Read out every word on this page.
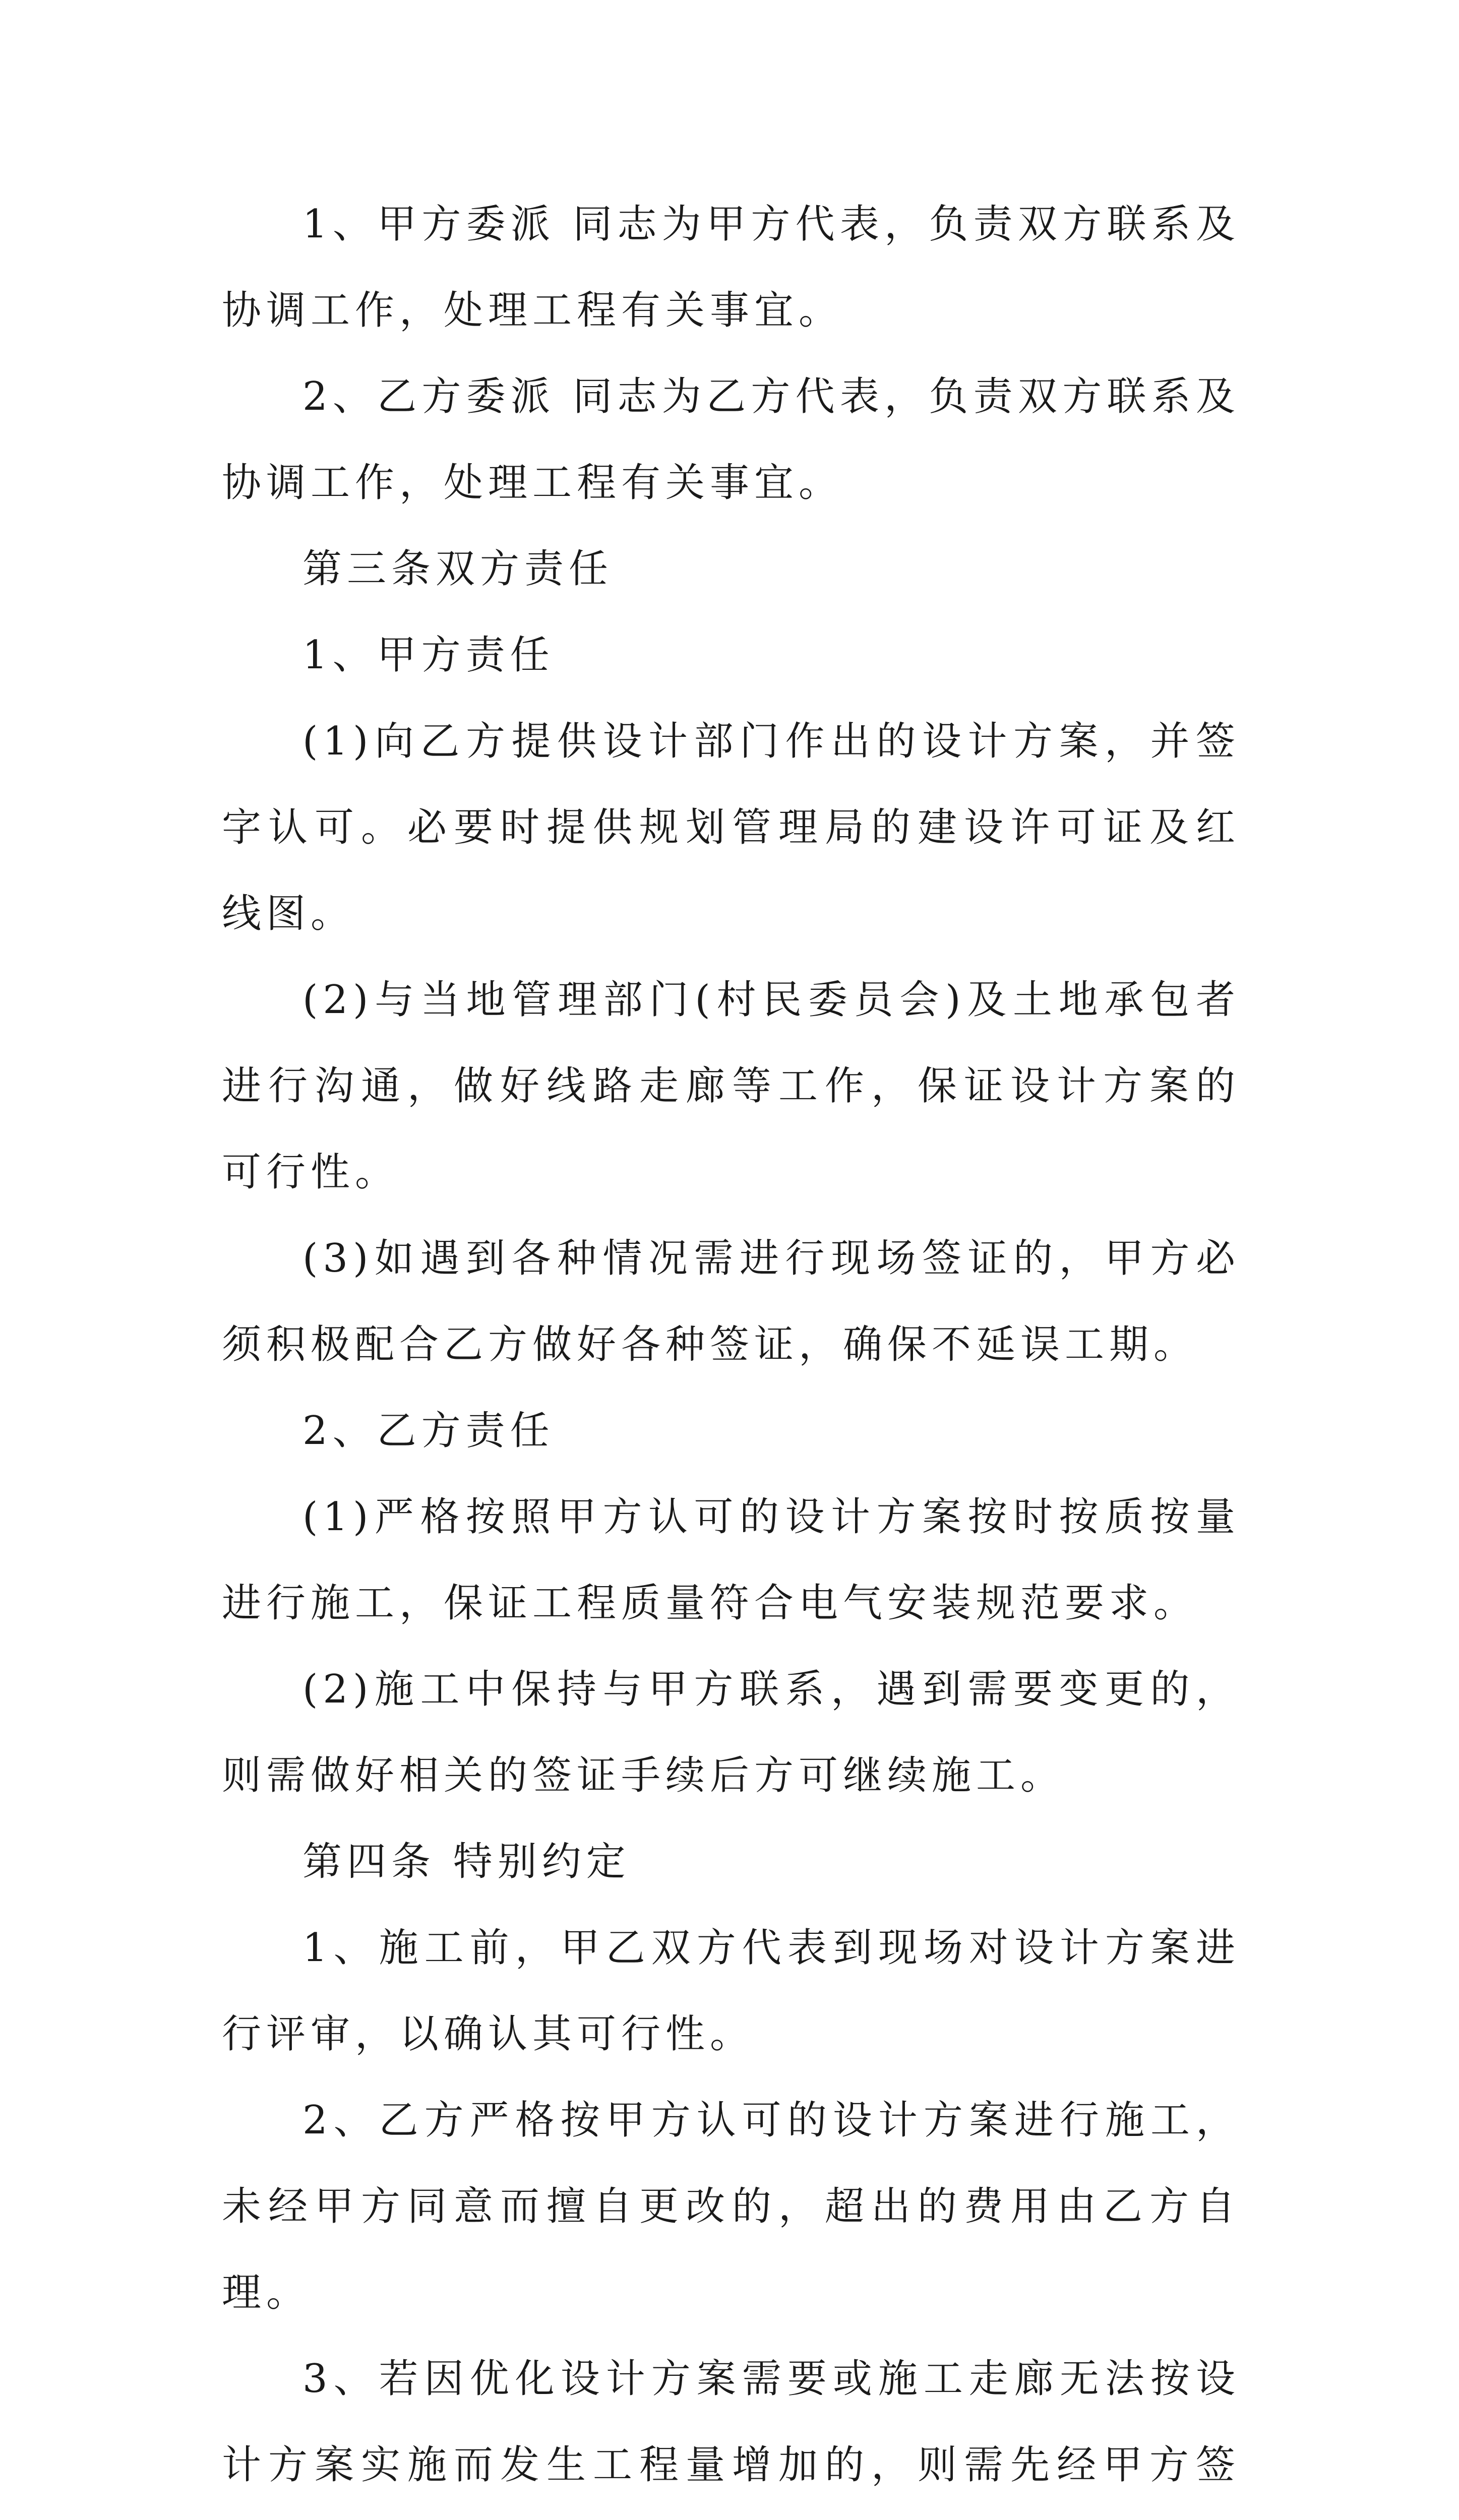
1、甲方委派 同志为甲方代表，负责双方联系及协调工作，处理工程有关事宜。

2、乙方委派 同志为乙方代表，负责双方联系及协调工作，处理工程有关事宜。

第三条双方责任

1、甲方责任

(1)向乙方提供设计部门作出的设计方案，并签字认可。必要时提供规划管理局的建设许可证及红线图。

(2)与当地管理部门(村民委员会)及土地承包者进行沟通，做好线路走廊等工作，保证设计方案的可行性。

(3)如遇到各种情况需进行现场签证的，甲方必须积极配合乙方做好各种签证，确保不延误工期。

2、乙方责任

(1)严格按照甲方认可的设计方案按时按质按量进行施工，保证工程质量符合电气安装规范要求。

(2)施工中保持与甲方联系，遇到需要变更的，则需做好相关的签证手续后方可继续施工。

第四条 特别约定

1、施工前，甲乙双方代表到现场对设计方案进行评审，以确认其可行性。

2、乙方严格按甲方认可的设计方案进行施工，未经甲方同意而擅自更改的，超出的费用由乙方自理。

3、若因优化设计方案需要或施工走廊无法按设计方案实施而发生工程量增加的，则需先经甲方签
